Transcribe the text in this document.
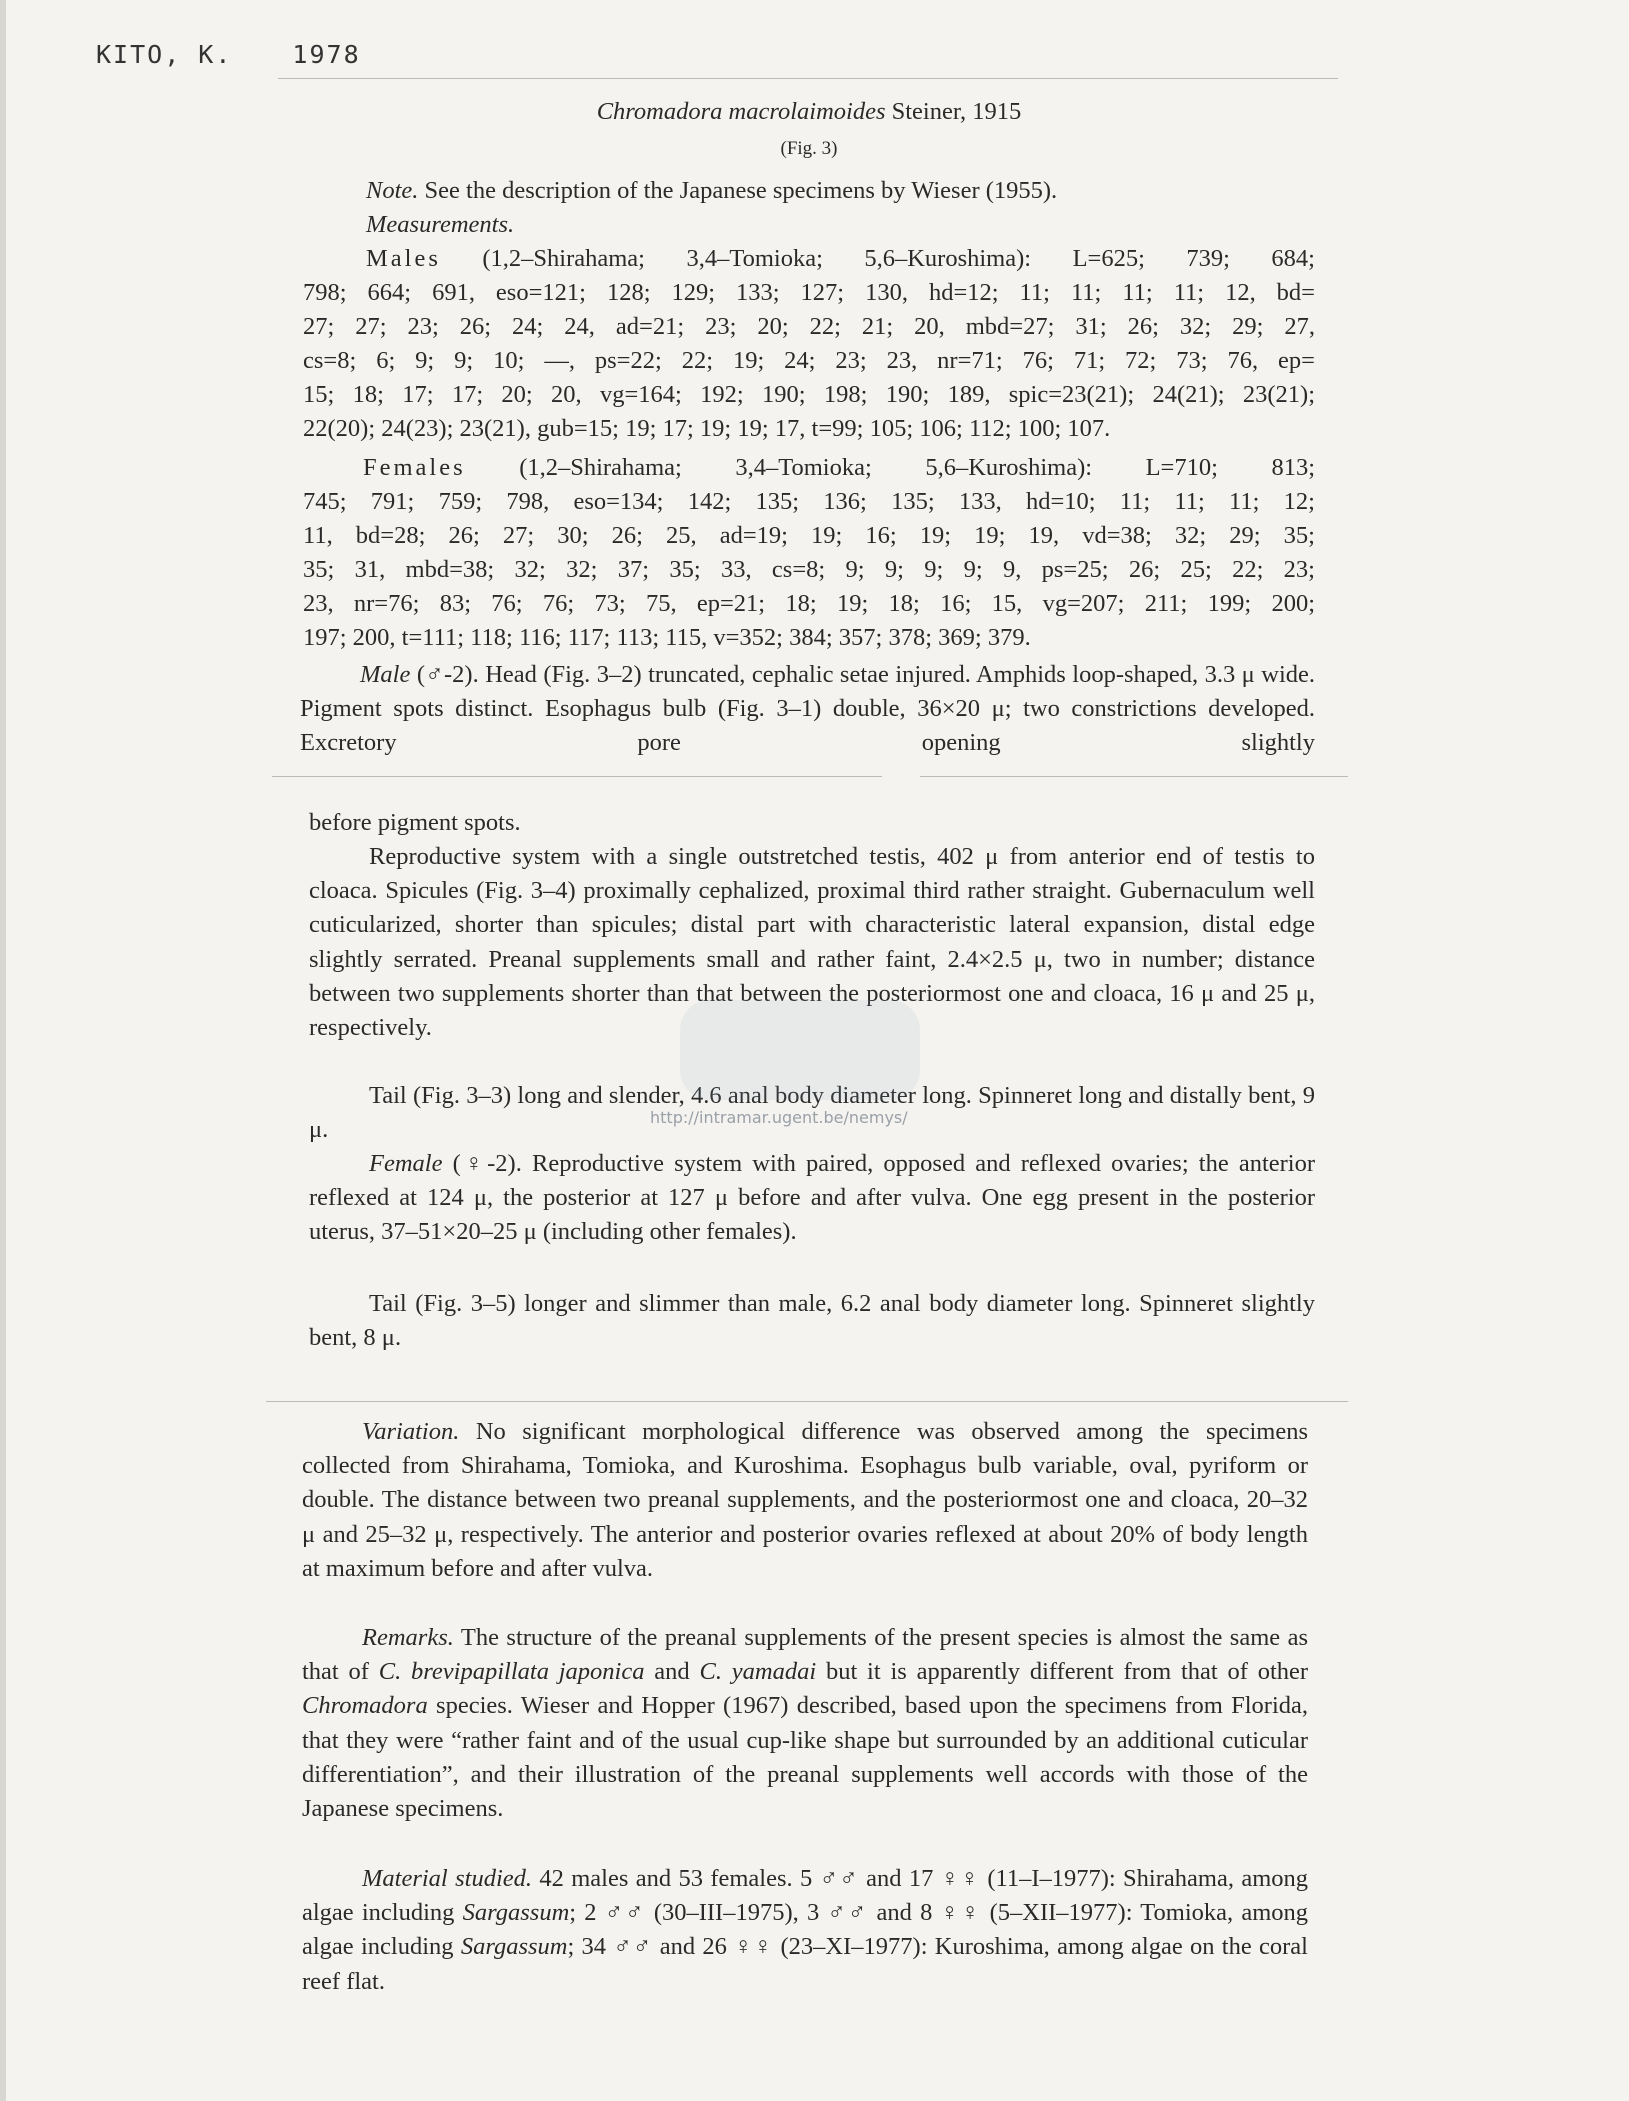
KITO, K. 1978
Chromadora macrolaimoides Steiner, 1915
(Fig. 3)
Note. See the description of the Japanese specimens by Wieser (1955).
Measurements.
Males (1,2–Shirahama; 3,4–Tomioka; 5,6–Kuroshima): L=625; 739; 684;
798; 664; 691, eso=121; 128; 129; 133; 127; 130, hd=12; 11; 11; 11; 11; 12, bd=
27; 27; 23; 26; 24; 24, ad=21; 23; 20; 22; 21; 20, mbd=27; 31; 26; 32; 29; 27,
cs=8; 6; 9; 9; 10; —, ps=22; 22; 19; 24; 23; 23, nr=71; 76; 71; 72; 73; 76, ep=
15; 18; 17; 17; 20; 20, vg=164; 192; 190; 198; 190; 189, spic=23(21); 24(21); 23(21);
22(20); 24(23); 23(21), gub=15; 19; 17; 19; 19; 17, t=99; 105; 106; 112; 100; 107.
Females (1,2–Shirahama; 3,4–Tomioka; 5,6–Kuroshima): L=710; 813;
745; 791; 759; 798, eso=134; 142; 135; 136; 135; 133, hd=10; 11; 11; 11; 12;
11, bd=28; 26; 27; 30; 26; 25, ad=19; 19; 16; 19; 19; 19, vd=38; 32; 29; 35;
35; 31, mbd=38; 32; 32; 37; 35; 33, cs=8; 9; 9; 9; 9; 9, ps=25; 26; 25; 22; 23;
23, nr=76; 83; 76; 76; 73; 75, ep=21; 18; 19; 18; 16; 15, vg=207; 211; 199; 200;
197; 200, t=111; 118; 116; 117; 113; 115, v=352; 384; 357; 378; 369; 379.
Male (♂-2). Head (Fig. 3–2) truncated, cephalic setae injured. Amphids loop-shaped, 3.3 μ wide. Pigment spots distinct. Esophagus bulb (Fig. 3–1) double, 36×20 μ; two constrictions developed. Excretory pore opening slightly
before pigment spots.
Reproductive system with a single outstretched testis, 402 μ from anterior end of testis to cloaca. Spicules (Fig. 3–4) proximally cephalized, proximal third rather straight. Gubernaculum well cuticularized, shorter than spicules; distal part with characteristic lateral expansion, distal edge slightly serrated. Preanal supplements small and rather faint, 2.4×2.5 μ, two in number; distance between two supplements shorter than that between the posteriormost one and cloaca, 16 μ and 25 μ, respectively.
Tail (Fig. 3–3) long and slender, 4.6 anal body diameter long. Spinneret long and distally bent, 9 μ.
Female (♀-2). Reproductive system with paired, opposed and reflexed ovaries; the anterior reflexed at 124 μ, the posterior at 127 μ before and after vulva. One egg present in the posterior uterus, 37–51×20–25 μ (including other females).
Tail (Fig. 3–5) longer and slimmer than male, 6.2 anal body diameter long. Spinneret slightly bent, 8 μ.
http://intramar.ugent.be/nemys/
Variation. No significant morphological difference was observed among the specimens collected from Shirahama, Tomioka, and Kuroshima. Esophagus bulb variable, oval, pyriform or double. The distance between two preanal supplements, and the posteriormost one and cloaca, 20–32 μ and 25–32 μ, respectively. The anterior and posterior ovaries reflexed at about 20% of body length at maximum before and after vulva.
Remarks. The structure of the preanal supplements of the present species is almost the same as that of C. brevipapillata japonica and C. yamadai but it is apparently different from that of other Chromadora species. Wieser and Hopper (1967) described, based upon the specimens from Florida, that they were “rather faint and of the usual cup-like shape but surrounded by an additional cuticular differentiation”, and their illustration of the preanal supplements well accords with those of the Japanese specimens.
Material studied. 42 males and 53 females. 5 ♂♂ and 17 ♀♀ (11–I–1977): Shirahama, among algae including Sargassum; 2 ♂♂ (30–III–1975), 3 ♂♂ and 8 ♀♀ (5–XII–1977): Tomioka, among algae including Sargassum; 34 ♂♂ and 26 ♀♀ (23–XI–1977): Kuroshima, among algae on the coral reef flat.
